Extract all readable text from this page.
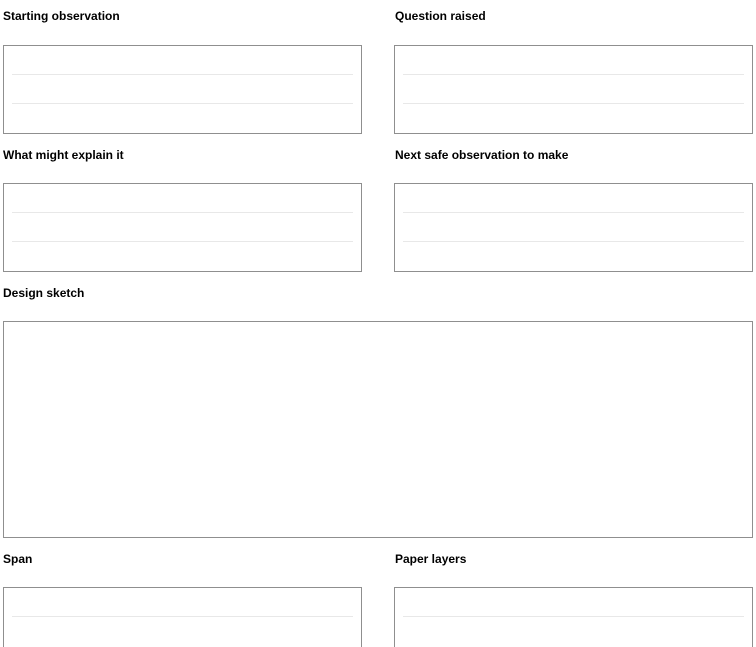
Starting observation	Question raised
What might explain it	Next safe observation to make
Design sketch
Span	Paper layers
